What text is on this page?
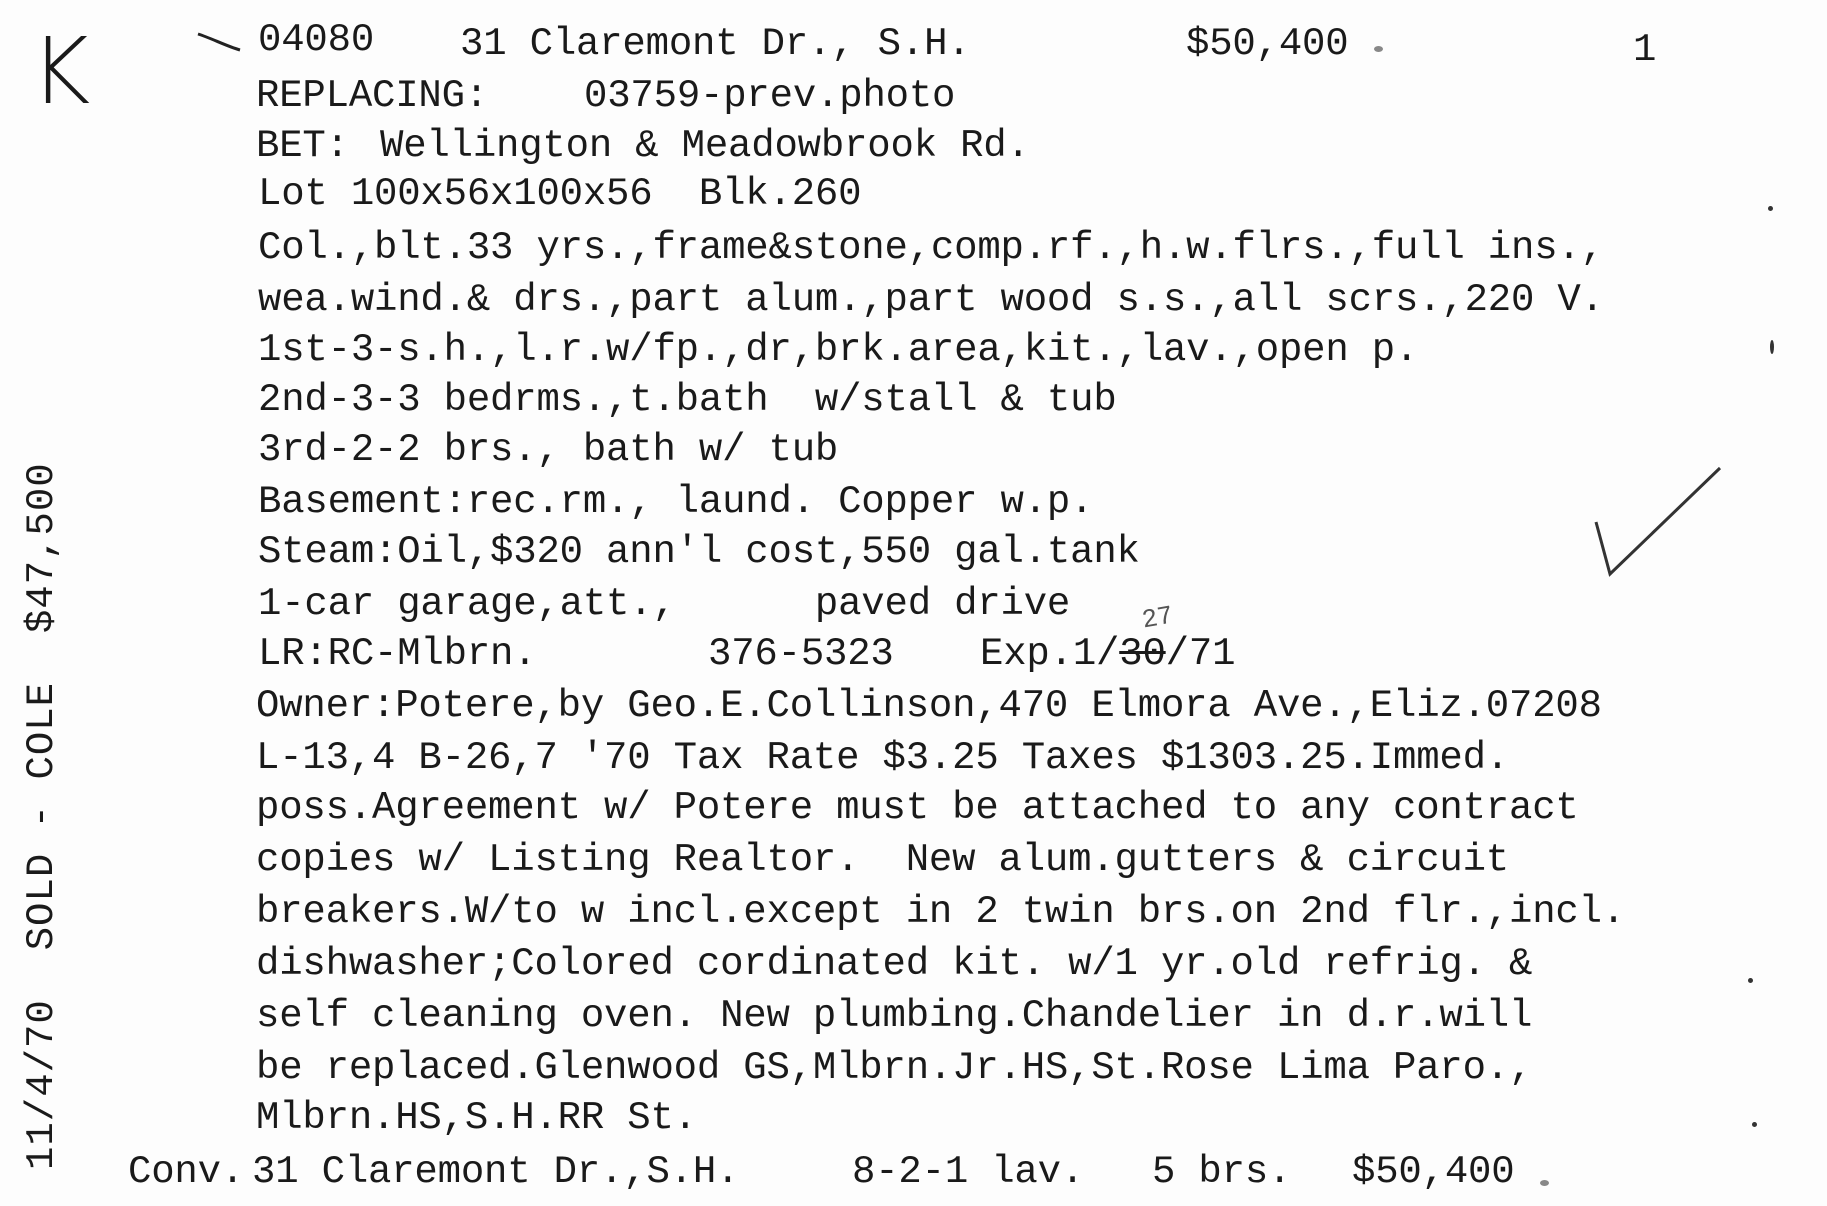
K	04080 31 Claremont Dr., S.H.	$50,400	1
REPLACING: 03759-prev.photo
BET: Wellington & Meadowbrook Rd.
Lot 100x56x100x56  Blk.260
Col.,blt.33 yrs.,frame&stone,comp.rf.,h.w.flrs.,full ins.,
wea.wind.& drs.,part alum.,part wood s.s.,all scrs.,220 V.
1st-3-s.h.,l.r.w/fp.,dr,brk.area,kit.,lav.,open p.
2nd-3-3 bedrms.,t.bath  w/stall & tub
3rd-2-2 brs., bath w/ tub
Basement:rec.rm., laund. Copper w.p.
Steam:Oil,$320 ann'l cost,550 gal.tank
1-car garage,att.,      paved drive
LR:RC-Mlbrn.	376-5323 Exp.1/30/71
27
Owner:Potere,by Geo.E.Collinson,470 Elmora Ave.,Eliz.07208
L-13,4 B-26,7 '70 Tax Rate $3.25 Taxes $1303.25.Immed.
poss.Agreement w/ Potere must be attached to any contract
copies w/ Listing Realtor.  New alum.gutters & circuit
breakers.W/to w incl.except in 2 twin brs.on 2nd flr.,incl.
dishwasher;Colored cordinated kit. w/1 yr.old refrig. &
self cleaning oven. New plumbing.Chandelier in d.r.will
be replaced.Glenwood GS,Mlbrn.Jr.HS,St.Rose Lima Paro.,
Mlbrn.HS,S.H.RR St.
Conv. 31 Claremont Dr.,S.H.	8-2-1 lav. 5 brs. $50,400
11/4/70  SOLD - COLE  $47,500
